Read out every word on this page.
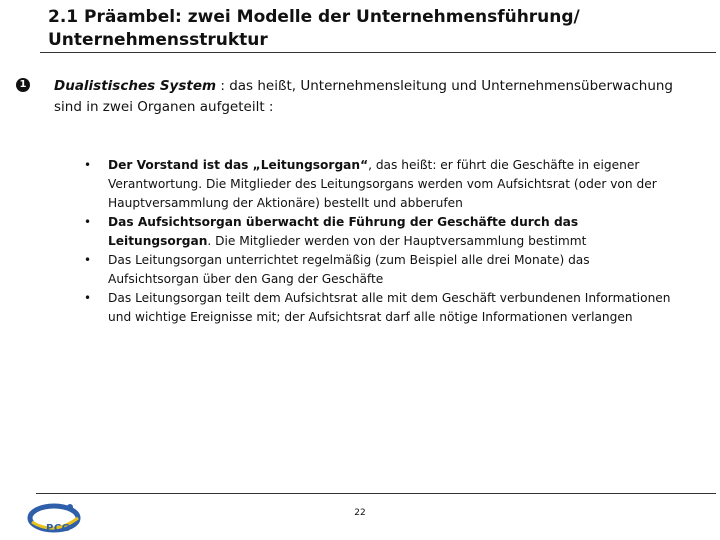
2.1 Präambel: zwei Modelle der Unternehmensführung/ Unternehmensstruktur
1 Dualistisches System : das heißt, Unternehmensleitung und Unternehmensüberwachung sind in zwei Organen aufgeteilt :
• Der Vorstand ist das „Leitungsorgan“, das heißt: er führt die Geschäfte in eigener Verantwortung. Die Mitglieder des Leitungsorgans werden vom Aufsichtsrat (oder von der Hauptversammlung der Aktionäre) bestellt und abberufen
• Das Aufsichtsorgan überwacht die Führung der Geschäfte durch das Leitungsorgan. Die Mitglieder werden von der Hauptversammlung bestimmt
• Das Leitungsorgan unterrichtet regelmäßig (zum Beispiel alle drei Monate) das Aufsichtsorgan über den Gang der Geschäfte
• Das Leitungsorgan teilt dem Aufsichtsrat alle mit dem Geschäft verbundenen Informationen und wichtige Ereignisse mit; der Aufsichtsrat darf alle nötige Informationen verlangen
PCG
22
